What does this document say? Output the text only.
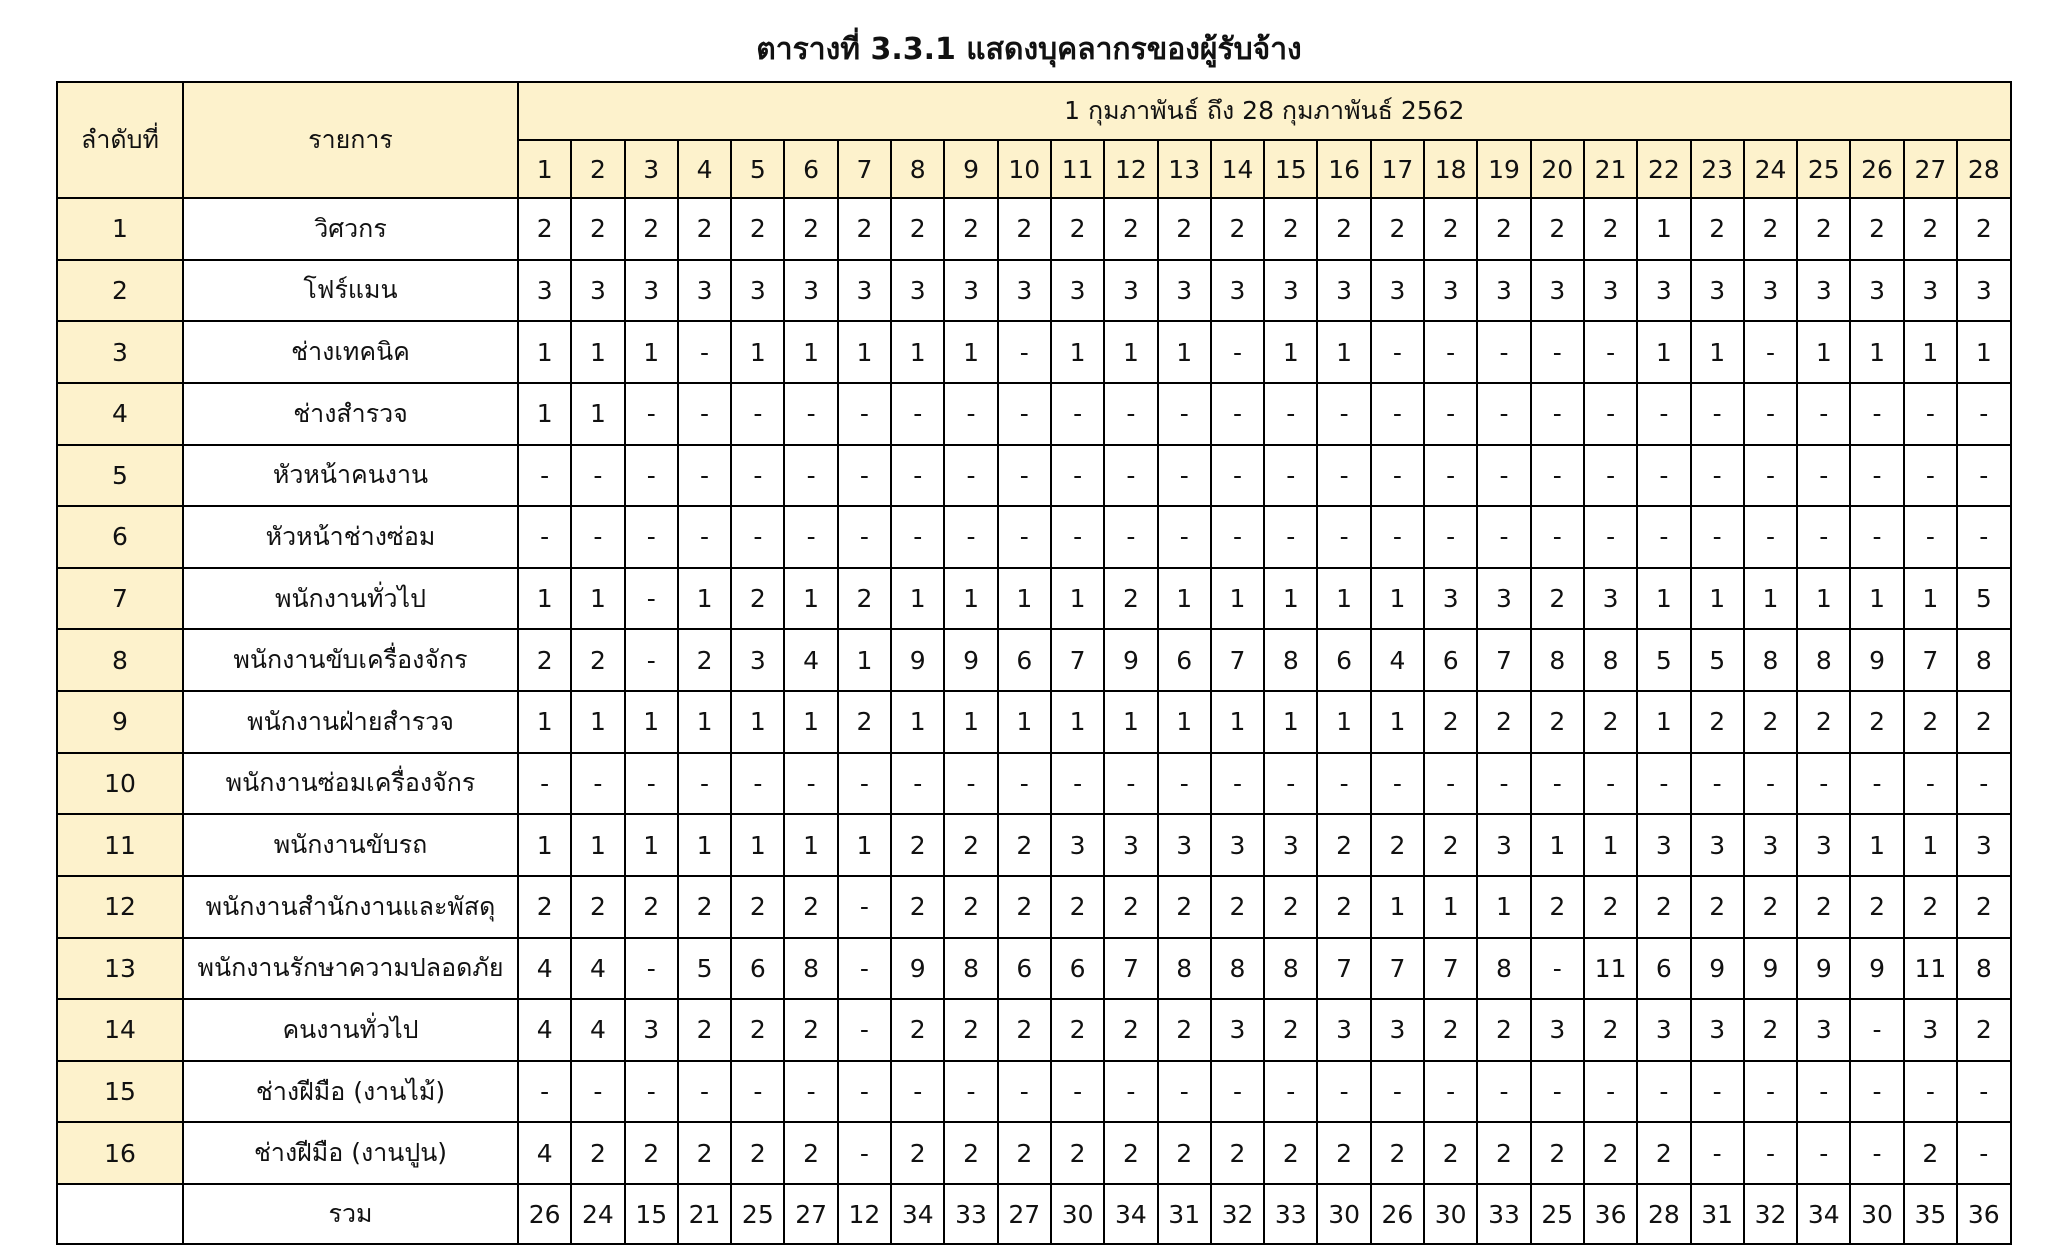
ตารางที่ 3.3.1 แสดงบุคลากรของผู้รับจ้าง
ลำดับที่	รายการ	1 กุมภาพันธ์ ถึง 28 กุมภาพันธ์ 2562																											
		1	2	3	4	5	6	7	8	9	10	11	12	13	14	15	16	17	18	19	20	21	22	23	24	25	26	27	28
1	วิศวกร	2	2	2	2	2	2	2	2	2	2	2	2	2	2	2	2	2	2	2	2	2	1	2	2	2	2	2	2
2	โฟร์แมน	3	3	3	3	3	3	3	3	3	3	3	3	3	3	3	3	3	3	3	3	3	3	3	3	3	3	3	3
3	ช่างเทคนิค	1	1	1	-	1	1	1	1	1	-	1	1	1	-	1	1	-	-	-	-	-	1	1	-	1	1	1	1
4	ช่างสำรวจ	1	1	-	-	-	-	-	-	-	-	-	-	-	-	-	-	-	-	-	-	-	-	-	-	-	-	-	-
5	หัวหน้าคนงาน	-	-	-	-	-	-	-	-	-	-	-	-	-	-	-	-	-	-	-	-	-	-	-	-	-	-	-	-
6	หัวหน้าช่างซ่อม	-	-	-	-	-	-	-	-	-	-	-	-	-	-	-	-	-	-	-	-	-	-	-	-	-	-	-	-
7	พนักงานทั่วไป	1	1	-	1	2	1	2	1	1	1	1	2	1	1	1	1	1	3	3	2	3	1	1	1	1	1	1	5
8	พนักงานขับเครื่องจักร	2	2	-	2	3	4	1	9	9	6	7	9	6	7	8	6	4	6	7	8	8	5	5	8	8	9	7	8
9	พนักงานฝ่ายสำรวจ	1	1	1	1	1	1	2	1	1	1	1	1	1	1	1	1	1	2	2	2	2	1	2	2	2	2	2	2
10	พนักงานซ่อมเครื่องจักร	-	-	-	-	-	-	-	-	-	-	-	-	-	-	-	-	-	-	-	-	-	-	-	-	-	-	-	-
11	พนักงานขับรถ	1	1	1	1	1	1	1	2	2	2	3	3	3	3	3	2	2	2	3	1	1	3	3	3	3	1	1	3
12	พนักงานสำนักงานและพัสดุ	2	2	2	2	2	2	-	2	2	2	2	2	2	2	2	2	1	1	1	2	2	2	2	2	2	2	2	2
13	พนักงานรักษาความปลอดภัย	4	4	-	5	6	8	-	9	8	6	6	7	8	8	8	7	7	7	8	-	11	6	9	9	9	9	11	8
14	คนงานทั่วไป	4	4	3	2	2	2	-	2	2	2	2	2	2	3	2	3	3	2	2	3	2	3	3	2	3	-	3	2
15	ช่างฝีมือ (งานไม้)	-	-	-	-	-	-	-	-	-	-	-	-	-	-	-	-	-	-	-	-	-	-	-	-	-	-	-	-
16	ช่างฝีมือ (งานปูน)	4	2	2	2	2	2	-	2	2	2	2	2	2	2	2	2	2	2	2	2	2	2	-	-	-	-	2	-
	รวม	26	24	15	21	25	27	12	34	33	27	30	34	31	32	33	30	26	30	33	25	36	28	31	32	34	30	35	36
